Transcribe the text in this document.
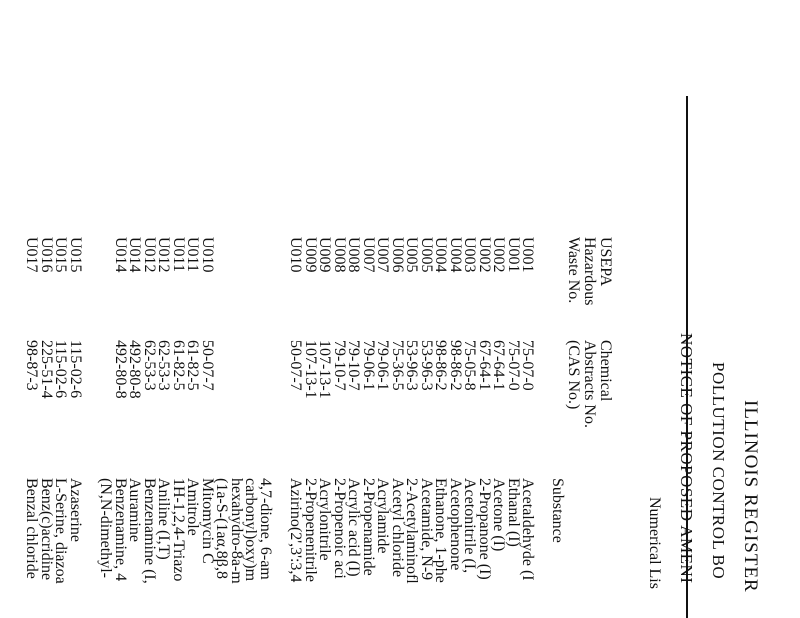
ILLINOIS REGISTER
POLLUTION CONTROL BO
NOTICE OF PROPOSED AMENI
Numerical Lis
USEPA
Hazardous
Waste No.
Chemical
Abstracts No.
(CAS No.)
Substance
U001
75-07-0
Acetaldehyde (I
U001
75-07-0
Ethanal (I)
U002
67-64-1
Acetone (I)
U002
67-64-1
2-Propanone (I)
U003
75-05-8
Acetonitrile (I,
U004
98-86-2
Acetophenone
U004
98-86-2
Ethanone, 1-phe
U005
53-96-3
Acetamide, N-9
U005
53-96-3
2-Acetylaminofl
U006
75-36-5
Acetyl chloride
U007
79-06-1
Acrylamide
U007
79-06-1
2-Propenamide
U008
79-10-7
Acrylic acid (I)
U008
79-10-7
2-Propenoic aci
U009
107-13-1
Acrylonitrile
U009
107-13-1
2-Propenenitrile
U010
50-07-7
Azirino(2',3':3,4
4,7-dione, 6-am
carbonyl)oxy)m
hexahydro-8a-m
(1a-S-(1aα,8β,8
U010
50-07-7
Mitomycin C
U011
61-82-5
Amitrole
U011
61-82-5
1H-1,2,4-Triazo
U012
62-53-3
Aniline (I,T)
U012
62-53-3
Benzenamine (I,
U014
492-80-8
Auramine
U014
492-80-8
Benzenamine, 4
(N,N-dimethyl-
U015
115-02-6
Azaserine
U015
115-02-6
L-Serine, diazoa
U016
225-51-4
Benz(c)acridine
U017
98-87-3
Benzal chloride
